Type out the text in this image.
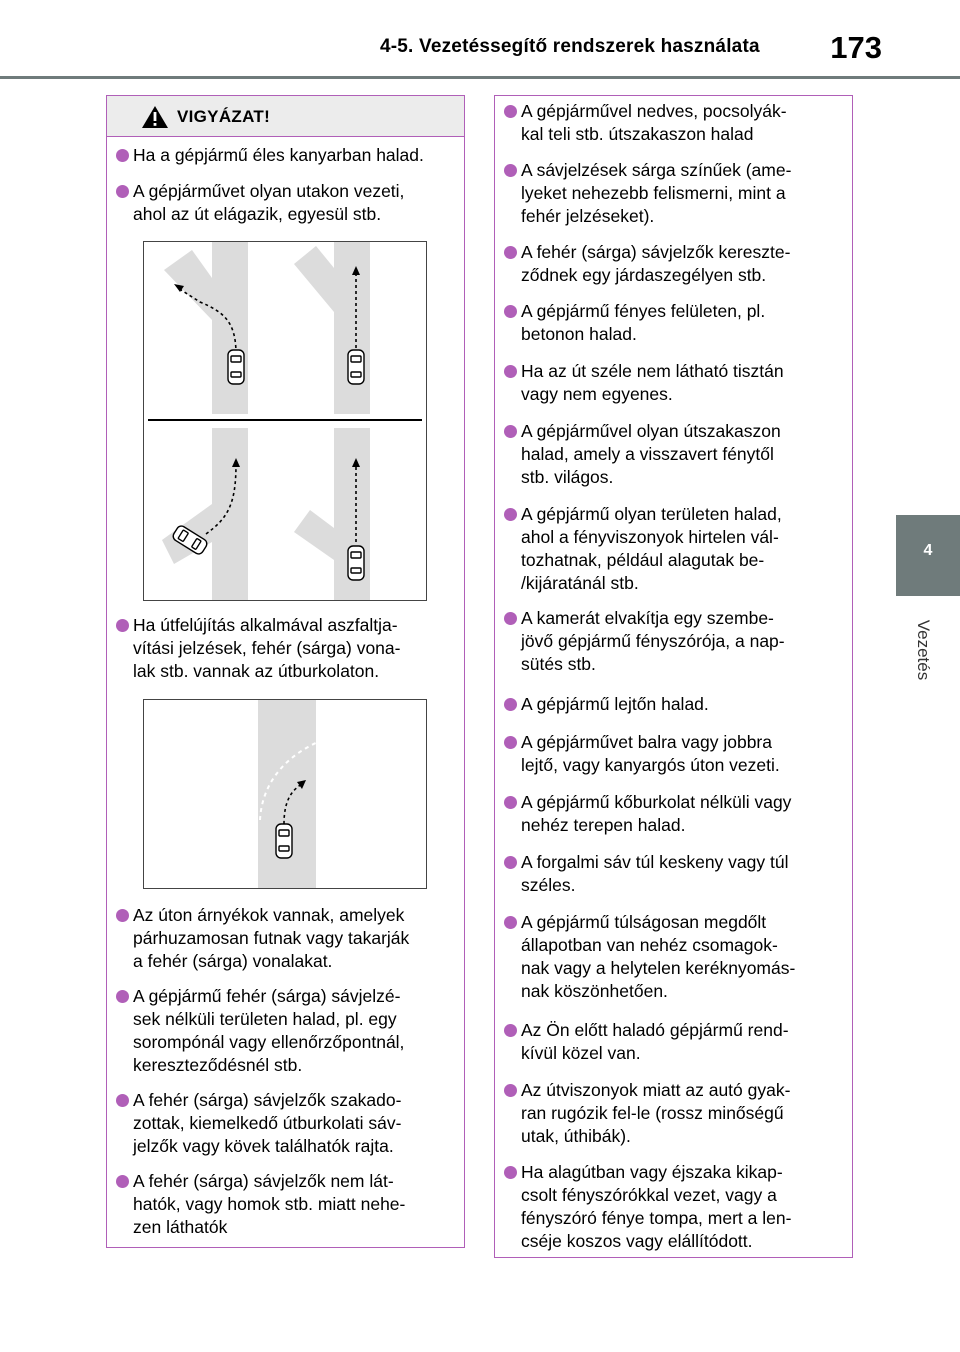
4-5. Vezetéssegítő rendszerek használata 173
4
Vezetés
VIGYÁZAT!
Ha a gépjármű éles kanyarban halad.
A gépjárművet olyan utakon vezeti,
ahol az út elágazik, egyesül stb.
Ha útfelújítás alkalmával aszfaltja-
vítási jelzések, fehér (sárga) vona-
lak stb. vannak az útburkolaton.
Az úton árnyékok vannak, amelyek
párhuzamosan futnak vagy takarják
a fehér (sárga) vonalakat.
A gépjármű fehér (sárga) sávjelzé-
sek nélküli területen halad, pl. egy
sorompónál vagy ellenőrzőpontnál,
kereszteződésnél stb.
A fehér (sárga) sávjelzők szakado-
zottak, kiemelkedő útburkolati sáv-
jelzők vagy kövek találhatók rajta.
A fehér (sárga) sávjelzők nem lát-
hatók, vagy homok stb. miatt nehe-
zen láthatók
A gépjárművel nedves, pocsolyák-
kal teli stb. útszakaszon halad
A sávjelzések sárga színűek (ame-
lyeket nehezebb felismerni, mint a
fehér jelzéseket).
A fehér (sárga) sávjelzők kereszte-
ződnek egy járdaszegélyen stb.
A gépjármű fényes felületen, pl.
betonon halad.
Ha az út széle nem látható tisztán
vagy nem egyenes.
A gépjárművel olyan útszakaszon
halad, amely a visszavert fénytől
stb. világos.
A gépjármű olyan területen halad,
ahol a fényviszonyok hirtelen vál-
tozhatnak, például alagutak be-
/kijáratánál stb.
A kamerát elvakítja egy szembe-
jövő gépjármű fényszórója, a nap-
sütés stb.
A gépjármű lejtőn halad.
A gépjárművet balra vagy jobbra
lejtő, vagy kanyargós úton vezeti.
A gépjármű kőburkolat nélküli vagy
nehéz terepen halad.
A forgalmi sáv túl keskeny vagy túl
széles.
A gépjármű túlságosan megdőlt
állapotban van nehéz csomagok-
nak vagy a helytelen keréknyomás-
nak köszönhetően.
Az Ön előtt haladó gépjármű rend-
kívül közel van.
Az útviszonyok miatt az autó gyak-
ran rugózik fel-le (rossz minőségű
utak, úthibák).
Ha alagútban vagy éjszaka kikap-
csolt fényszórókkal vezet, vagy a
fényszóró fénye tompa, mert a len-
cséje koszos vagy elállítódott.
